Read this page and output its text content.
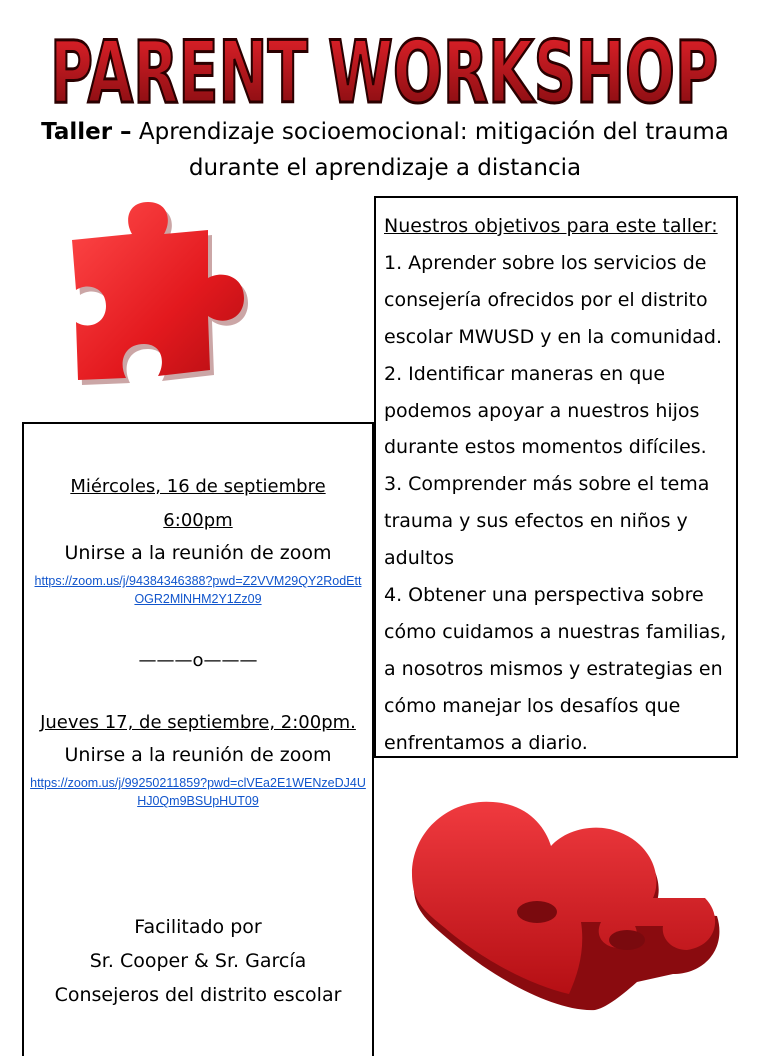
PARENT WORKSHOP
Taller – Aprendizaje socioemocional: mitigación del trauma
durante el aprendizaje a distancia
Nuestros objetivos para este taller:
1. Aprender sobre los servicios de consejería ofrecidos por el distrito escolar MWUSD y en la comunidad.
2. Identificar maneras en que podemos apoyar a nuestros hijos durante estos momentos difíciles.
3. Comprender más sobre el tema trauma y sus efectos en niños y adultos
4. Obtener una perspectiva sobre cómo cuidamos a nuestras familias, a nosotros mismos y estrategias en cómo manejar los desafíos que enfrentamos a diario.
Miércoles, 16 de septiembre
6:00pm
Unirse a la reunión de zoom
https://zoom.us/j/94384346388?pwd=Z2VVM29QY2RodEttOGR2MlNHM2Y1Zz09
———o———
Jueves 17, de septiembre, 2:00pm.
Unirse a la reunión de zoom
https://zoom.us/j/99250211859?pwd=clVEa2E1WENzeDJ4UHJ0Qm9BSUpHUT09
Facilitado por
Sr. Cooper & Sr. García
Consejeros del distrito escolar
